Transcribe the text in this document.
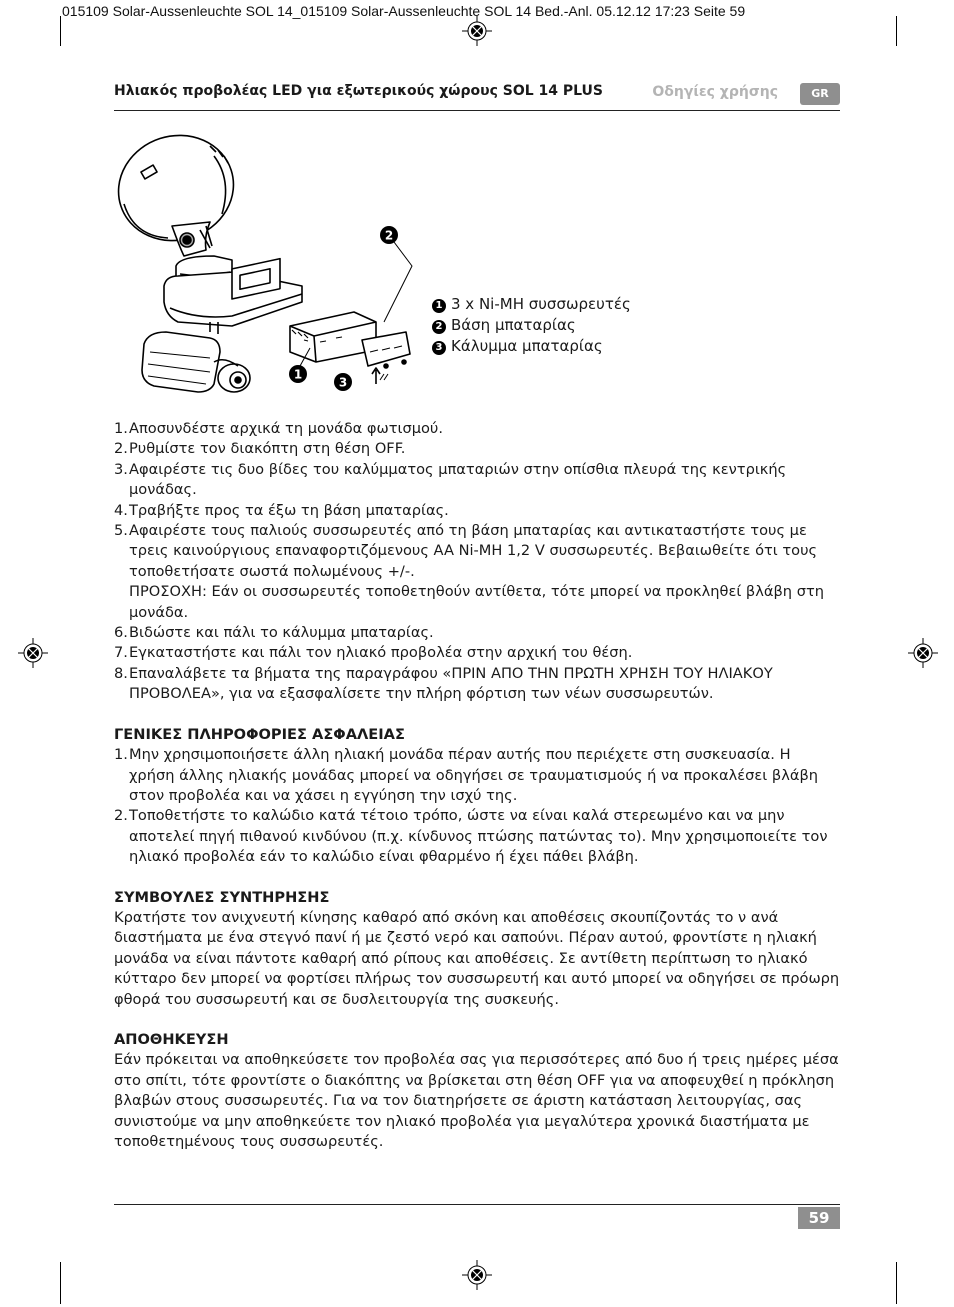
015109 Solar-Aussenleuchte SOL 14_015109 Solar-Aussenleuchte SOL 14 Bed.-Anl. 05.12.12 17:23 Seite 59
Ηλιακός προβολέας LED για εξωτερικούς χώρους SOL 14 PLUS	Οδηγίες χρήσης	GR
2
1
3
1 3 x Ni-MH συσσωρευτές
2 Βάση μπαταρίας
3 Κάλυμμα μπαταρίας
1. Αποσυνδέστε αρχικά τη μονάδα φωτισμού.
2. Ρυθμίστε τον διακόπτη στη θέση OFF.
3. Αφαιρέστε τις δυο βίδες του καλύμματος μπαταριών στην οπίσθια πλευρά της κεντρικής μονάδας.
4. Τραβήξτε προς τα έξω τη βάση μπαταρίας.
5. Αφαιρέστε τους παλιούς συσσωρευτές από τη βάση μπαταρίας και αντικαταστήστε τους με τρεις καινούργιους επαναφορτιζόμενους AA Ni-MH 1,2 V συσσωρευτές. Βεβαιωθείτε ότι τους τοποθετήσατε σωστά πολωμένους +/-.
ΠΡΟΣΟΧΗ: Εάν οι συσσωρευτές τοποθετηθούν αντίθετα, τότε μπορεί να προκληθεί βλάβη στη μονάδα.
6. Βιδώστε και πάλι το κάλυμμα μπαταρίας.
7. Εγκαταστήστε και πάλι τον ηλιακό προβολέα στην αρχική του θέση.
8. Επαναλάβετε τα βήματα της παραγράφου «ΠΡΙΝ ΑΠΟ ΤΗΝ ΠΡΩΤΗ ΧΡΗΣΗ ΤΟΥ ΗΛΙΑΚΟΥ ΠΡΟΒΟΛΕΑ», για να εξασφαλίσετε την πλήρη φόρτιση των νέων συσσωρευτών.
ΓΕΝΙΚΕΣ ΠΛΗΡΟΦΟΡΙΕΣ ΑΣΦΑΛΕΙΑΣ
1. Μην χρησιμοποιήσετε άλλη ηλιακή μονάδα πέραν αυτής που περιέχετε στη συσκευασία. Η χρήση άλλης ηλιακής μονάδας μπορεί να οδηγήσει σε τραυματισμούς ή να προκαλέσει βλάβη στον προβολέα και να χάσει η εγγύηση την ισχύ της.
2. Τοποθετήστε το καλώδιο κατά τέτοιο τρόπο, ώστε να είναι καλά στερεωμένο και να μην αποτελεί πηγή πιθανού κινδύνου (π.χ. κίνδυνος πτώσης πατώντας το). Μην χρησιμοποιείτε τον ηλιακό προβολέα εάν το καλώδιο είναι φθαρμένο ή έχει πάθει βλάβη.
ΣΥΜΒΟΥΛΕΣ ΣΥΝΤΗΡΗΣΗΣ

Κρατήστε τον ανιχνευτή κίνησης καθαρό από σκόνη και αποθέσεις σκουπίζοντάς το ν ανά διαστήματα με ένα στεγνό πανί ή με ζεστό νερό και σαπούνι. Πέραν αυτού, φροντίστε η ηλιακή μονάδα να είναι πάντοτε καθαρή από ρίπους και αποθέσεις. Σε αντίθετη περίπτωση το ηλιακό κύτταρο δεν μπορεί να φορτίσει πλήρως τον συσσωρευτή και αυτό μπορεί να οδηγήσει σε πρόωρη φθορά του συσσωρευτή και σε δυσλειτουργία της συσκευής.

ΑΠΟΘΗΚΕΥΣΗ

Εάν πρόκειται να αποθηκεύσετε τον προβολέα σας για περισσότερες από δυο ή τρεις ημέρες μέσα στο σπίτι, τότε φροντίστε ο διακόπτης να βρίσκεται στη θέση OFF για να αποφευχθεί η πρόκληση βλαβών στους συσσωρευτές. Για να τον διατηρήσετε σε άριστη κατάσταση λειτουργίας, σας συνιστούμε να μην αποθηκεύετε τον ηλιακό προβολέα για μεγαλύτερα χρονικά διαστήματα με τοποθετημένους τους συσσωρευτές.

59
